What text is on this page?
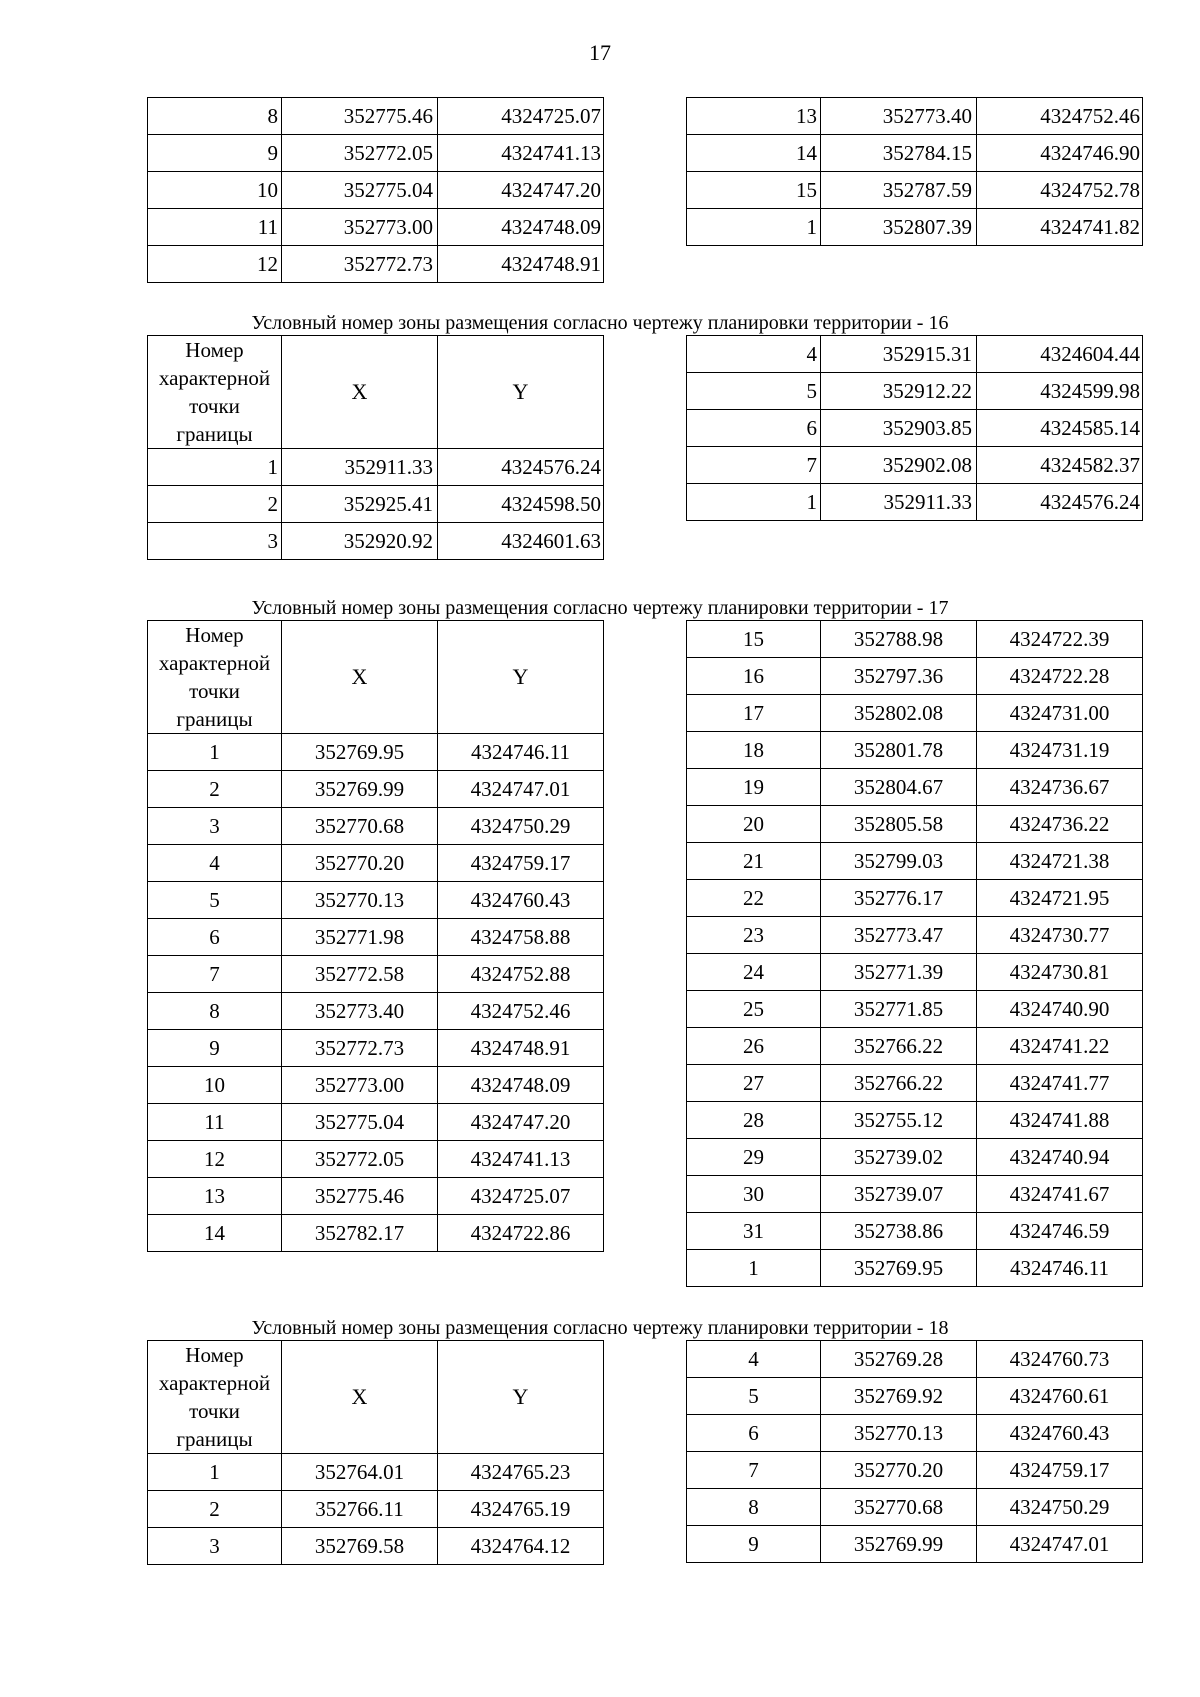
17
8	352775.46	4324725.07
9	352772.05	4324741.13
10	352775.04	4324747.20
11	352773.00	4324748.09
12	352772.73	4324748.91
13	352773.40	4324752.46
14	352784.15	4324746.90
15	352787.59	4324752.78
1	352807.39	4324741.82
Условный номер зоны размещения согласно чертежу планировки территории - 16
Номер
характерной
точки
границы	X	Y
1	352911.33	4324576.24
2	352925.41	4324598.50
3	352920.92	4324601.63
4	352915.31	4324604.44
5	352912.22	4324599.98
6	352903.85	4324585.14
7	352902.08	4324582.37
1	352911.33	4324576.24
Условный номер зоны размещения согласно чертежу планировки территории - 17
Номер
характерной
точки
границы	X	Y
1	352769.95	4324746.11
2	352769.99	4324747.01
3	352770.68	4324750.29
4	352770.20	4324759.17
5	352770.13	4324760.43
6	352771.98	4324758.88
7	352772.58	4324752.88
8	352773.40	4324752.46
9	352772.73	4324748.91
10	352773.00	4324748.09
11	352775.04	4324747.20
12	352772.05	4324741.13
13	352775.46	4324725.07
14	352782.17	4324722.86
15	352788.98	4324722.39
16	352797.36	4324722.28
17	352802.08	4324731.00
18	352801.78	4324731.19
19	352804.67	4324736.67
20	352805.58	4324736.22
21	352799.03	4324721.38
22	352776.17	4324721.95
23	352773.47	4324730.77
24	352771.39	4324730.81
25	352771.85	4324740.90
26	352766.22	4324741.22
27	352766.22	4324741.77
28	352755.12	4324741.88
29	352739.02	4324740.94
30	352739.07	4324741.67
31	352738.86	4324746.59
1	352769.95	4324746.11
Условный номер зоны размещения согласно чертежу планировки территории - 18
Номер
характерной
точки
границы	X	Y
1	352764.01	4324765.23
2	352766.11	4324765.19
3	352769.58	4324764.12
4	352769.28	4324760.73
5	352769.92	4324760.61
6	352770.13	4324760.43
7	352770.20	4324759.17
8	352770.68	4324750.29
9	352769.99	4324747.01
